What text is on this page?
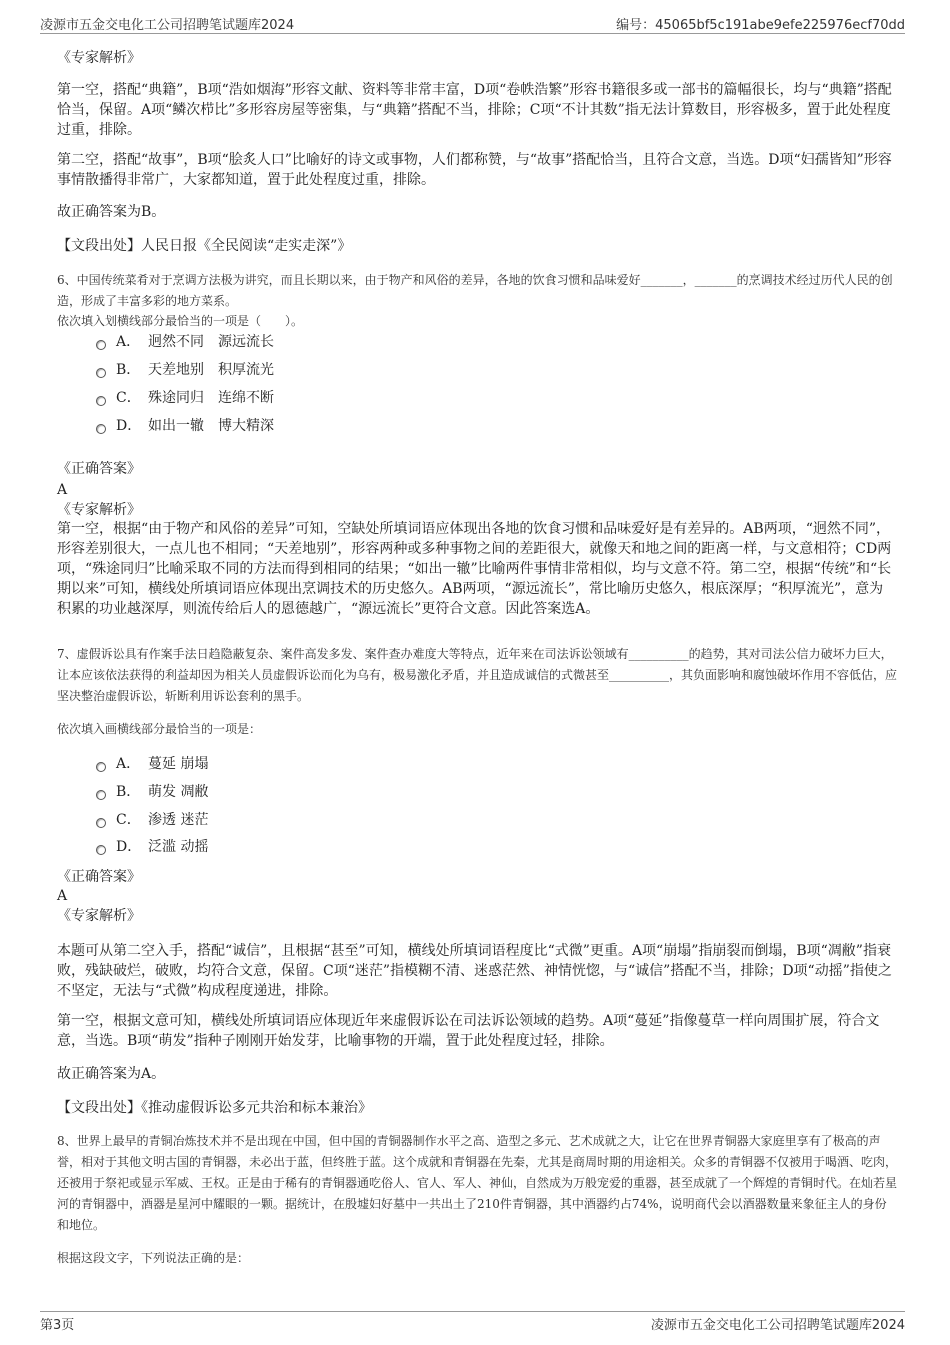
凌源市五金交电化工公司招聘笔试题库2024	编号：45065bf5c191abe9efe225976ecf70dd

《专家解析》

第一空，搭配“典籍”，B项“浩如烟海”形容文献、资料等非常丰富，D项“卷帙浩繁”形容书籍很多或一部书的篇幅很长，均与“典籍”搭配恰当，保留。A项“鳞次栉比”多形容房屋等密集，与“典籍”搭配不当，排除；C项“不计其数”指无法计算数目，形容极多，置于此处程度过重，排除。

第二空，搭配“故事”，B项“脍炙人口”比喻好的诗文或事物，人们都称赞，与“故事”搭配恰当，且符合文意，当选。D项“妇孺皆知”形容事情散播得非常广，大家都知道，置于此处程度过重，排除。

故正确答案为B。

【文段出处】人民日报《全民阅读“走实走深”》

6、中国传统菜肴对于烹调方法极为讲究，而且长期以来，由于物产和风俗的差异，各地的饮食习惯和品味爱好_______，_______的烹调技术经过历代人民的创造，形成了丰富多彩的地方菜系。

依次填入划横线部分最恰当的一项是（　　）。

A． 迥然不同　源远流长
B． 天差地别　积厚流光
C． 殊途同归　连绵不断
D． 如出一辙　博大精深

《正确答案》

A

《专家解析》

第一空，根据“由于物产和风俗的差异”可知，空缺处所填词语应体现出各地的饮食习惯和品味爱好是有差异的。AB两项，“迥然不同”，形容差别很大，一点儿也不相同；“天差地别”，形容两种或多种事物之间的差距很大，就像天和地之间的距离一样，与文意相符；CD两项，“殊途同归”比喻采取不同的方法而得到相同的结果；“如出一辙”比喻两件事情非常相似，均与文意不符。第二空，根据“传统”和“长期以来”可知，横线处所填词语应体现出烹调技术的历史悠久。AB两项，“源远流长”，常比喻历史悠久，根底深厚；“积厚流光”，意为积累的功业越深厚，则流传给后人的恩德越广，“源远流长”更符合文意。因此答案选A。

7、虚假诉讼具有作案手法日趋隐蔽复杂、案件高发多发、案件查办难度大等特点，近年来在司法诉讼领域有__________的趋势，其对司法公信力破坏力巨大，让本应该依法获得的利益却因为相关人员虚假诉讼而化为乌有，极易激化矛盾，并且造成诚信的式微甚至__________，其负面影响和腐蚀破坏作用不容低估，应坚决整治虚假诉讼，斩断利用诉讼套利的黑手。

依次填入画横线部分最恰当的一项是：

A． 蔓延 崩塌
B． 萌发 凋敝
C． 渗透 迷茫
D． 泛滥 动摇

《正确答案》

A

《专家解析》

本题可从第二空入手，搭配“诚信”，且根据“甚至”可知，横线处所填词语程度比“式微”更重。A项“崩塌”指崩裂而倒塌，B项“凋敝”指衰败，残缺破烂，破败，均符合文意，保留。C项“迷茫”指模糊不清、迷惑茫然、神情恍惚，与“诚信”搭配不当，排除；D项“动摇”指使之不坚定，无法与“式微”构成程度递进，排除。

第一空，根据文意可知，横线处所填词语应体现近年来虚假诉讼在司法诉讼领域的趋势。A项“蔓延”指像蔓草一样向周围扩展，符合文意，当选。B项“萌发”指种子刚刚开始发芽，比喻事物的开端，置于此处程度过轻，排除。

故正确答案为A。

【文段出处】《推动虚假诉讼多元共治和标本兼治》

8、世界上最早的青铜冶炼技术并不是出现在中国，但中国的青铜器制作水平之高、造型之多元、艺术成就之大，让它在世界青铜器大家庭里享有了极高的声誉，相对于其他文明古国的青铜器，未必出于蓝，但终胜于蓝。这个成就和青铜器在先秦，尤其是商周时期的用途相关。众多的青铜器不仅被用于喝酒、吃肉，还被用于祭祀或显示军威、王权。正是由于稀有的青铜器通吃俗人、官人、军人、神仙，自然成为万般宠爱的重器，甚至成就了一个辉煌的青铜时代。在灿若星河的青铜器中，酒器是星河中耀眼的一颗。据统计，在殷墟妇好墓中一共出土了210件青铜器，其中酒器约占74%，说明商代会以酒器数量来象征主人的身份和地位。

根据这段文字，下列说法正确的是：

第3页	凌源市五金交电化工公司招聘笔试题库2024
